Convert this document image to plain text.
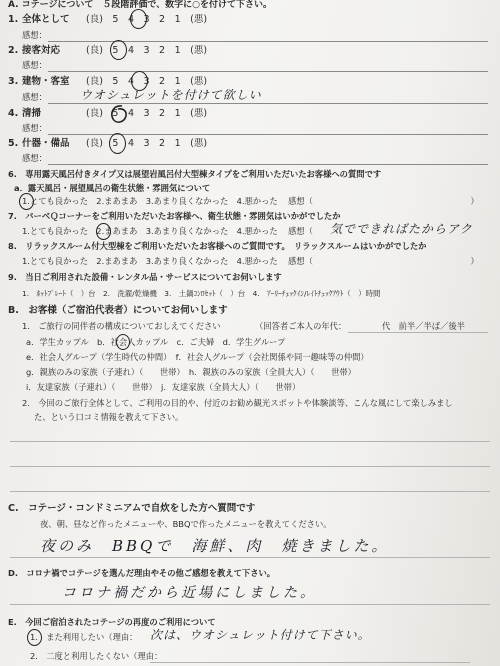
A. コテージについて　５段階評価で、数字に○を付けて下さい。
1. 全体として (良)　5　4　3　2　1　(悪)
感想：
2. 接客対応	(良)　5　4　3　2　1　(悪)
感想：
3. 建物・客室 (良)　5　4　3　2　1　(悪)
感想：	ウオシュレットを付けて欲しい
4. 清掃	(良)　5　4　3　2　1　(悪)
感想：
5. 什器・備品 (良)　5　4　3　2　1　(悪)
感想：
6.　専用露天風呂付きタイプ又は展望岩風呂付大型棟タイプをご利用いただいたお客様への質問です
a．露天風呂・展望風呂の衛生状態・雰囲気について
1.とても良かった　2.まあまあ　3.あまり良くなかった　4.悪かった 感想（　　　　　　　　　　　　　　　　　　　）
7.　バーベＱコーナーをご利用いただいたお客様へ、衛生状態・雰囲気はいかがでしたか
1.とても良かった　2.まあまあ　3.あまり良くなかった　4.悪かった 感想（ 気でできればたからアク
8.　リラックスルーム付大型棟をご利用いただいたお客様へのご質問です。　リラックスルームはいかがでしたか
1.とても良かった　2.まあまあ　3.あまり良くなかった　4.悪かった 感想（　　　　　　　　　　　　　　　　　　　）
9.　当日ご利用された設備・レンタル品・サービスについてお伺いします
1.　ﾎｯﾄﾌﾟﾚｰﾄ（　）台　2.　洗濯/乾燥機　3.　土鍋ｺﾝﾛｾｯﾄ（　）台　4.　ｱｰﾘｰﾁｪｯｸｲﾝ/ﾚｲﾄﾁｪｯｸｱｳﾄ（　）時間
B.　お客様（ご宿泊代表者）についてお伺いします
1.　ご旅行の同伴者の構成についておしえてください	（回答者ご本人の年代：	代　前半／半ば／後半
a．学生カップル　b．社会人カップル　c．ご夫婦　d．学生グループ
e．社会人グループ（学生時代の仲間）　f．社会人グループ（会社関係や同一趣味等の仲間）
g．親族のみの家族（子連れ）（　　世帯）　h．親族のみの家族（全員大人）（　　世帯）
i．友達家族（子連れ）（　　世帯）　j．友達家族（全員大人）（　　世帯）
2.　今回のご旅行全体として、ご利用の目的や、付近のお勧め観光スポットや体験談等、こんな風にして楽しみまし
た、という口コミ情報を教えて下さい。
C.　コテージ・コンドミニアムで自炊をした方へ質問です
夜、朝、昼など作ったメニューや、BBQで作ったメニューを教えてください。
夜のみ　BBQで　海鮮、肉　焼きました。
D.　コロナ禍でコテージを選んだ理由やその他ご感想を教えて下さい。
コロナ禍だから近場にしました。
E.　今回ご宿泊されたコテージの再度のご利用について
1.　また利用したい（理由： 次は、ウオシュレット付けて下さい。
2.　二度と利用したくない（理由：
